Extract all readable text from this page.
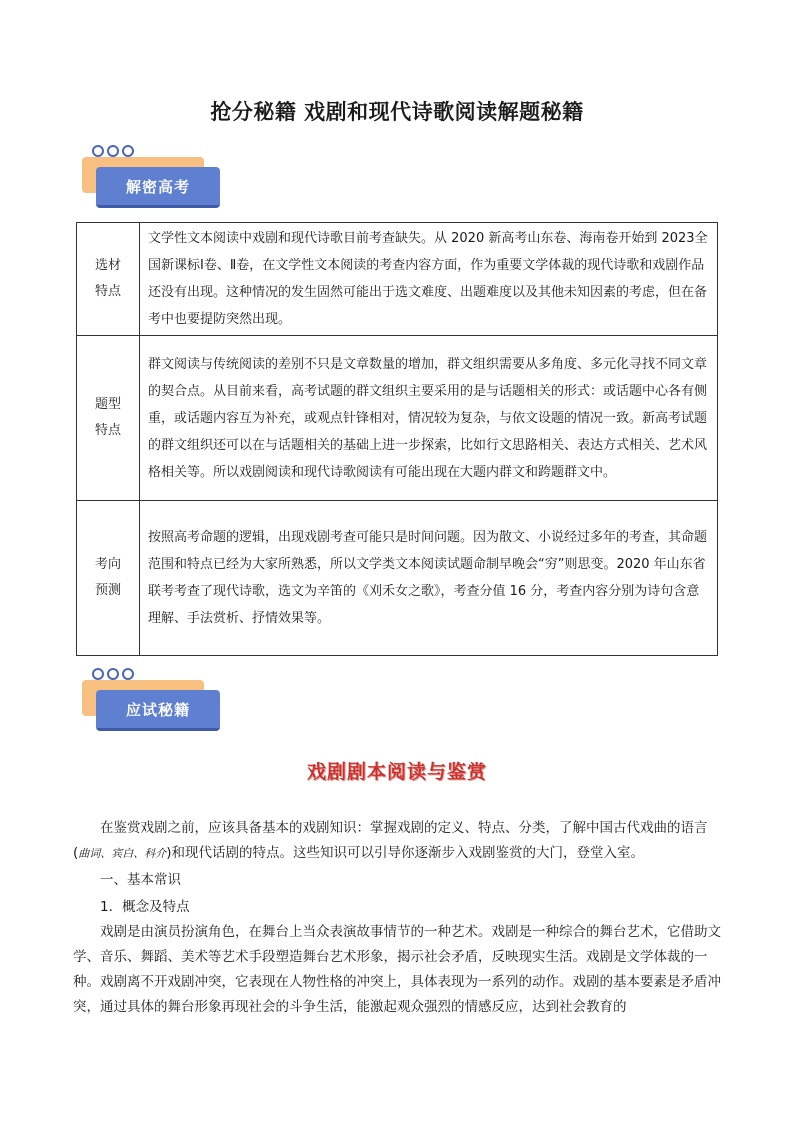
抢分秘籍 戏剧和现代诗歌阅读解题秘籍
解密高考
选材
特点	文学性文本阅读中戏剧和现代诗歌目前考查缺失。从 2020 新高考山东卷、海南卷开始到 2023全国新课标Ⅰ卷、Ⅱ卷，在文学性文本阅读的考查内容方面，作为重要文学体裁的现代诗歌和戏剧作品还没有出现。这种情况的发生固然可能出于选文难度、出题难度以及其他未知因素的考虑，但在备考中也要提防突然出现。

题型
特点	群文阅读与传统阅读的差别不只是文章数量的增加，群文组织需要从多角度、多元化寻找不同文章的契合点。从目前来看，高考试题的群文组织主要采用的是与话题相关的形式：或话题中心各有侧重，或话题内容互为补充，或观点针锋相对，情况较为复杂，与依文设题的情况一致。新高考试题的群文组织还可以在与话题相关的基础上进一步探索，比如行文思路相关、表达方式相关、艺术风格相关等。所以戏剧阅读和现代诗歌阅读有可能出现在大题内群文和跨题群文中。

考向
预测	按照高考命题的逻辑，出现戏剧考查可能只是时间问题。因为散文、小说经过多年的考查，其命题范围和特点已经为大家所熟悉，所以文学类文本阅读试题命制早晚会“穷”则思变。2020 年山东省联考考查了现代诗歌，选文为辛笛的《刈禾女之歌》，考查分值 16 分，考查内容分别为诗句含意理解、手法赏析、抒情效果等。
应试秘籍
戏剧剧本阅读与鉴赏

在鉴赏戏剧之前，应该具备基本的戏剧知识：掌握戏剧的定义、特点、分类，了解中国古代戏曲的语言(曲词、宾白、科介)和现代话剧的特点。这些知识可以引导你逐渐步入戏剧鉴赏的大门，登堂入室。

一、基本常识

1．概念及特点

戏剧是由演员扮演角色，在舞台上当众表演故事情节的一种艺术。戏剧是一种综合的舞台艺术，它借助文学、音乐、舞蹈、美术等艺术手段塑造舞台艺术形象，揭示社会矛盾，反映现实生活。戏剧是文学体裁的一种。戏剧离不开戏剧冲突，它表现在人物性格的冲突上，具体表现为一系列的动作。戏剧的基本要素是矛盾冲突，通过具体的舞台形象再现社会的斗争生活，能激起观众强烈的情感反应，达到社会教育的
